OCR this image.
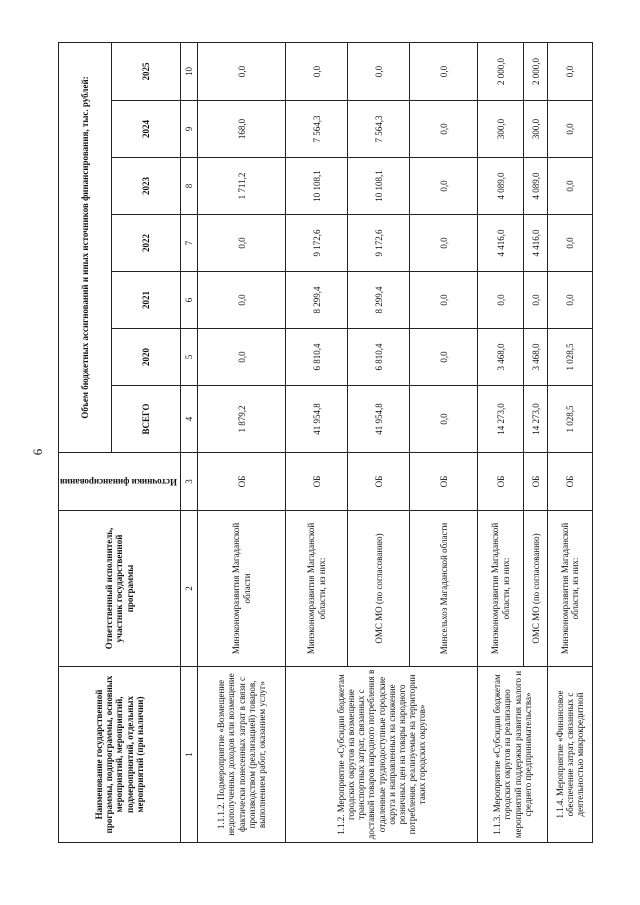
6
Наименование государственной программы, подпрограммы, основных мероприятий, мероприятий, подмероприятий, отдельных мероприятий (при наличии)	Ответственный исполнитель, участник государственной программы	Источники финансирования	Объем бюджетных ассигнований и иных источников финансирования, тыс. рублей:						
			ВСЕГО	2020	2021	2022	2023	2024	2025
1	2	3	4	5	6	7	8	9	10
1.1.1.2. Подмероприятие «Возмещение недополученных доходов или возмещение фактически понесенных затрат в связи с производством (реализацией) товаров, выполнением работ, оказанием услуг»	Минэкономразвития Магаданской области	ОБ	1 879,2	0,0	0,0	0,0	1 711,2	168,0	0,0
1.1.2. Мероприятие «Субсидии бюджетам городских округов на возмещение транспортных затрат, связанных с доставкой товаров народного потребления в отдаленные труднодоступные городские округа и направленных на снижение розничных цен на товары народного потребления, реализуемые на территории таких городских округов»	Минэкономразвития Магаданской области, из них:	ОБ	41 954,8	6 810,4	8 299,4	9 172,6	10 108,1	7 564,3	0,0
	ОМС МО (по согласованию)	ОБ	41 954,8	6 810,4	8 299,4	9 172,6	10 108,1	7 564,3	0,0
	Минсельхоз Магаданской области	ОБ	0,0	0,0	0,0	0,0	0,0	0,0	0,0
1.1.3. Мероприятие «Субсидии бюджетам городских округов на реализацию мероприятий поддержки развития малого и среднего предпринимательства»	Минэкономразвития Магаданской области, из них:	ОБ	14 273,0	3 468,0	0,0	4 416,0	4 089,0	300,0	2 000,0
	ОМС МО (по согласованию)	ОБ	14 273,0	3 468,0	0,0	4 416,0	4 089,0	300,0	2 000,0
1.1.4. Мероприятие «Финансовое обеспечение затрат, связанных с деятельностью микрокредитной	Минэкономразвития Магаданской области, из них:	ОБ	1 028,5	1 028,5	0,0	0,0	0,0	0,0	0,0
